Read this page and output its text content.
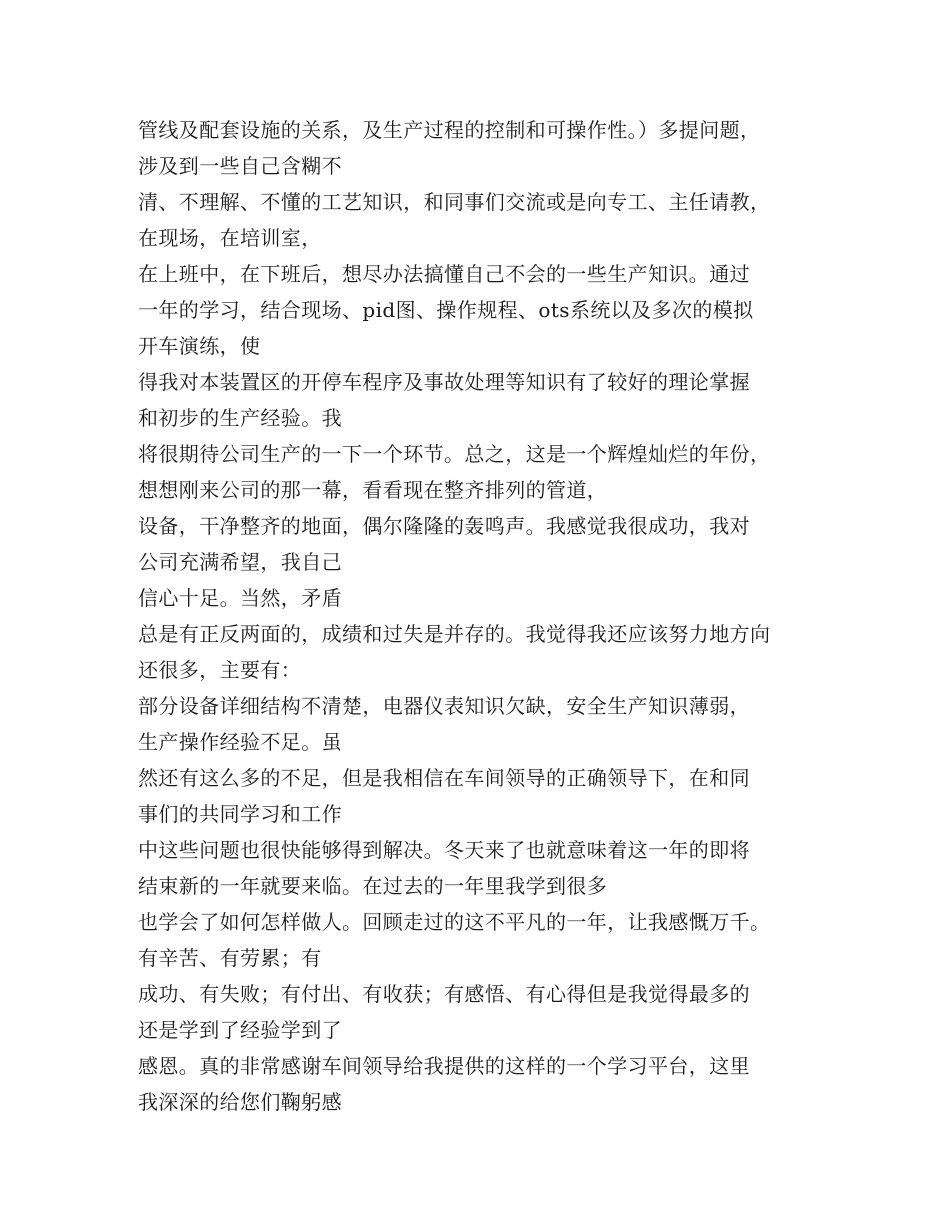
管线及配套设施的关系，及生产过程的控制和可操作性。）多提问题，
涉及到一些自己含糊不
清、不理解、不懂的工艺知识，和同事们交流或是向专工、主任请教，
在现场，在培训室，
在上班中，在下班后，想尽办法搞懂自己不会的一些生产知识。通过
一年的学习，结合现场、pid图、操作规程、ots系统以及多次的模拟
开车演练，使
得我对本装置区的开停车程序及事故处理等知识有了较好的理论掌握
和初步的生产经验。我
将很期待公司生产的一下一个环节。总之，这是一个辉煌灿烂的年份，
想想刚来公司的那一幕，看看现在整齐排列的管道，
设备，干净整齐的地面，偶尔隆隆的轰鸣声。我感觉我很成功，我对
公司充满希望，我自己
信心十足。当然，矛盾
总是有正反两面的，成绩和过失是并存的。我觉得我还应该努力地方向
还很多，主要有：
部分设备详细结构不清楚，电器仪表知识欠缺，安全生产知识薄弱，
生产操作经验不足。虽
然还有这么多的不足，但是我相信在车间领导的正确领导下，在和同
事们的共同学习和工作
中这些问题也很快能够得到解决。冬天来了也就意味着这一年的即将
结束新的一年就要来临。在过去的一年里我学到很多
也学会了如何怎样做人。回顾走过的这不平凡的一年，让我感慨万千。
有辛苦、有劳累；有
成功、有失败；有付出、有收获；有感悟、有心得但是我觉得最多的
还是学到了经验学到了
感恩。真的非常感谢车间领导给我提供的这样的一个学习平台，这里
我深深的给您们鞠躬感
